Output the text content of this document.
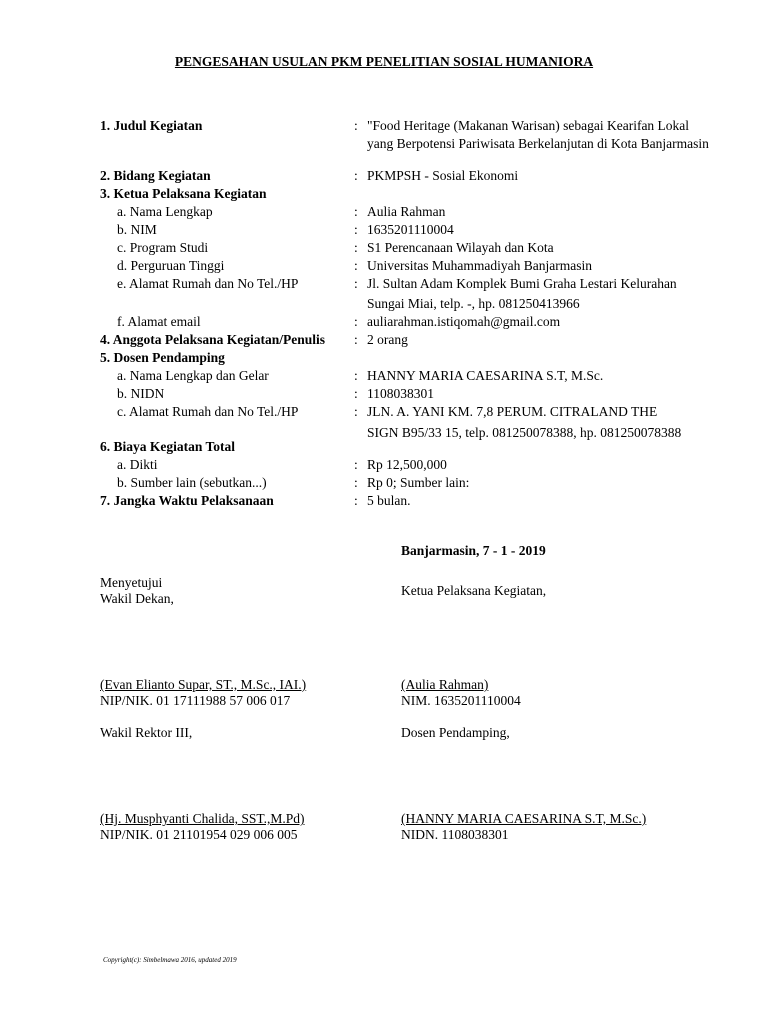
PENGESAHAN USULAN PKM PENELITIAN SOSIAL HUMANIORA
1. Judul Kegiatan	: "Food Heritage (Makanan Warisan) sebagai Kearifan Lokal yang Berpotensi Pariwisata Berkelanjutan di Kota Banjarmasin
2. Bidang Kegiatan	: PKMPSH - Sosial Ekonomi
3. Ketua Pelaksana Kegiatan
a. Nama Lengkap	: Aulia Rahman
b. NIM	: 1635201110004
c. Program Studi	: S1 Perencanaan Wilayah dan Kota
d. Perguruan Tinggi	: Universitas Muhammadiyah Banjarmasin
e. Alamat Rumah dan No Tel./HP	: Jl. Sultan Adam Komplek Bumi Graha Lestari Kelurahan
Sungai Miai, telp. -, hp. 081250413966
f. Alamat email	: auliarahman.istiqomah@gmail.com
4. Anggota Pelaksana Kegiatan/Penulis : 2 orang
5. Dosen Pendamping
a. Nama Lengkap dan Gelar	: HANNY MARIA CAESARINA S.T, M.Sc.
b. NIDN	: 1108038301
c. Alamat Rumah dan No Tel./HP	: JLN. A. YANI KM. 7,8 PERUM. CITRALAND THE
SIGN B95/33 15, telp. 081250078388, hp. 081250078388
6. Biaya Kegiatan Total
a. Dikti	: Rp 12,500,000
b. Sumber lain (sebutkan...)	: Rp 0; Sumber lain:
7. Jangka Waktu Pelaksanaan	: 5 bulan.
Banjarmasin, 7 - 1 - 2019
Menyetujui
Wakil Dekan,
Ketua Pelaksana Kegiatan,
(Evan Elianto Supar, ST., M.Sc., IAI.)
NIP/NIK. 01 17111988 57 006 017
(Aulia Rahman)
NIM. 1635201110004
Wakil Rektor III,	Dosen Pendamping,
(Hj. Musphyanti Chalida, SST.,M.Pd)
NIP/NIK. 01 21101954 029 006 005
(HANNY MARIA CAESARINA S.T, M.Sc.)
NIDN. 1108038301
Copyright(c): Simbelmawa 2016, updated 2019
